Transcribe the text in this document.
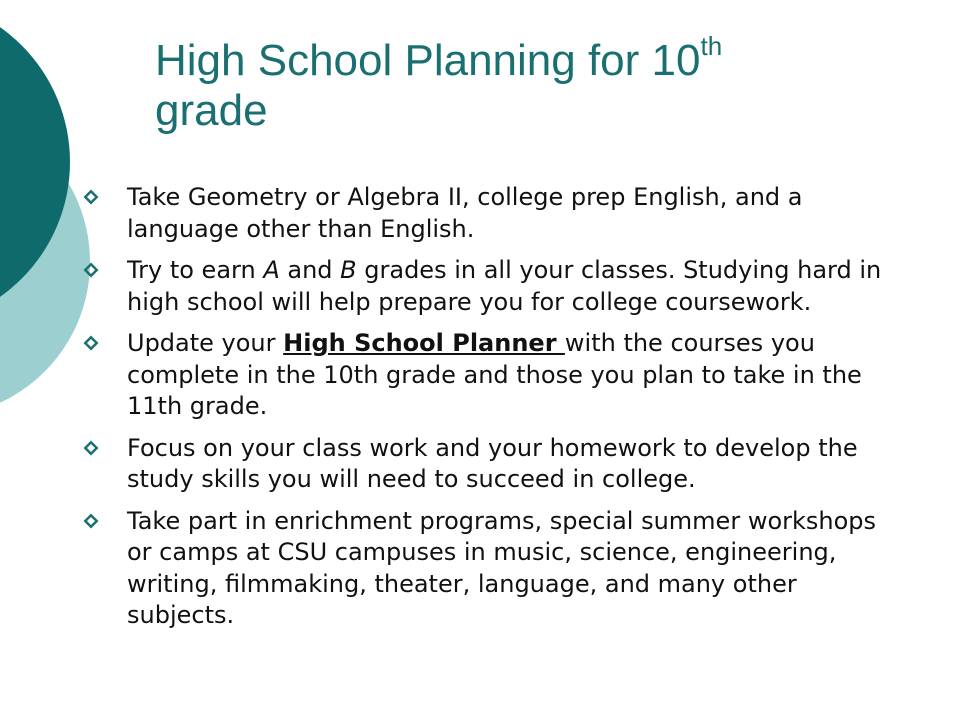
High School Planning for 10th
grade
Take Geometry or Algebra II, college prep English, and a language other than English.
Try to earn A and B grades in all your classes. Studying hard in high school will help prepare you for college coursework.
Update your High School Planner with the courses you complete in the 10th grade and those you plan to take in the 11th grade.
Focus on your class work and your homework to develop the study skills you will need to succeed in college.
Take part in enrichment programs, special summer workshops or camps at CSU campuses in music, science, engineering, writing, filmmaking, theater, language, and many other subjects.
